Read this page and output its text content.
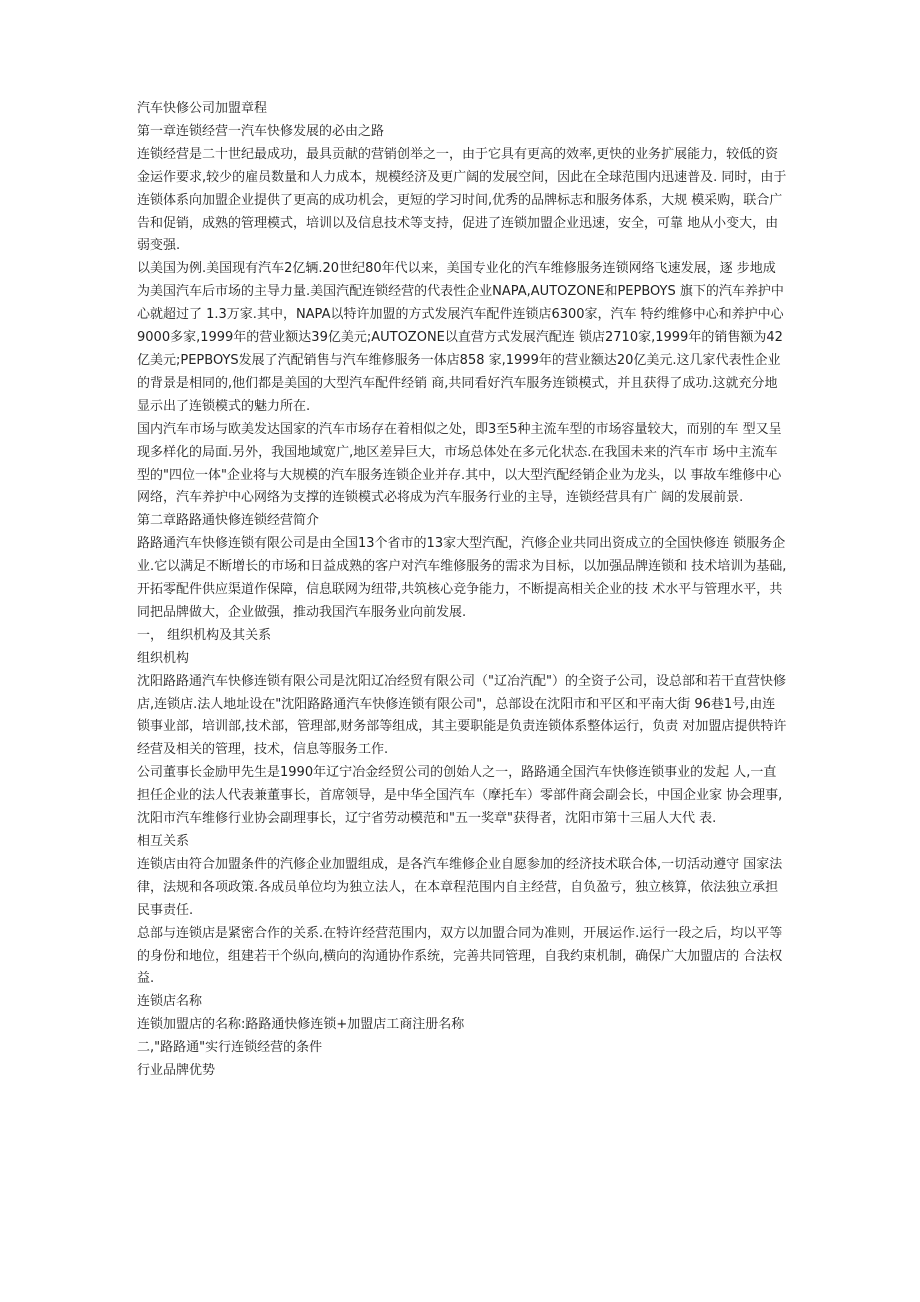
汽车快修公司加盟章程

第一章连锁经营一汽车快修发展的必由之路

连锁经营是二十世纪最成功，最具贡献的营销创举之一，由于它具有更高的效率,更快的业务扩展能力，较低的资金运作要求,较少的雇员数量和人力成本，规模经济及更广阔的发展空间，因此在全球范围内迅速普及. 同时，由于连锁体系向加盟企业提供了更高的成功机会，更短的学习时间,优秀的品牌标志和服务体系，大规 模采购，联合广告和促销，成熟的管理模式，培训以及信息技术等支持，促进了连锁加盟企业迅速，安全，可靠 地从小变大，由弱变强.

以美国为例.美国现有汽车2亿辆.20世纪80年代以来，美国专业化的汽车维修服务连锁网络飞速发展，逐 步地成为美国汽车后市场的主导力量.美国汽配连锁经营的代表性企业NAPA,AUTOZONE和PEPBOYS 旗下的汽车养护中心就超过了 1.3万家.其中，NAPA以特许加盟的方式发展汽车配件连锁店6300家，汽车 特约维修中心和养护中心9000多家,1999年的营业额达39亿美元;AUTOZONE以直营方式发展汽配连 锁店2710家,1999年的销售额为42亿美元;PEPBOYS发展了汽配销售与汽车维修服务一体店858 家,1999年的营业额达20亿美元.这几家代表性企业的背景是相同的,他们都是美国的大型汽车配件经销 商,共同看好汽车服务连锁模式，并且获得了成功.这就充分地显示出了连锁模式的魅力所在.

国内汽车市场与欧美发达国家的汽车市场存在着相似之处，即3至5种主流车型的市场容量较大，而别的车 型又呈现多样化的局面.另外，我国地域宽广,地区差异巨大，市场总体处在多元化状态.在我国未来的汽车市 场中主流车型的"四位一体"企业将与大规模的汽车服务连锁企业并存.其中，以大型汽配经销企业为龙头，以 事故车维修中心网络，汽车养护中心网络为支撑的连锁模式必将成为汽车服务行业的主导，连锁经营具有广 阔的发展前景.

第二章路路通快修连锁经营简介

路路通汽车快修连锁有限公司是由全国13个省市的13家大型汽配，汽修企业共同出资成立的全国快修连 锁服务企业.它以满足不断增长的市场和日益成熟的客户对汽车维修服务的需求为目标，以加强品牌连锁和 技术培训为基础,开拓零配件供应渠道作保障，信息联网为纽带,共筑核心竞争能力，不断提高相关企业的技 术水平与管理水平，共同把品牌做大，企业做强，推动我国汽车服务业向前发展.

一， 组织机构及其关系

组织机构

沈阳路路通汽车快修连锁有限公司是沈阳辽冶经贸有限公司（"辽冶汽配"）的全资子公司，设总部和若干直营快修店,连锁店.法人地址设在"沈阳路路通汽车快修连锁有限公司"，总部设在沈阳市和平区和平南大街 96巷1号,由连锁事业部，培训部,技术部，管理部,财务部等组成，其主要职能是负责连锁体系整体运行，负责 对加盟店提供特许经营及相关的管理，技术，信息等服务工作.

公司董事长金励甲先生是1990年辽宁冶金经贸公司的创始人之一，路路通全国汽车快修连锁事业的发起 人,一直担任企业的法人代表兼董事长，首席领导，是中华全国汽车（摩托车）零部件商会副会长，中国企业家 协会理事,沈阳市汽车维修行业协会副理事长，辽宁省劳动模范和"五一奖章"获得者，沈阳市第十三届人大代 表.

相互关系

连锁店由符合加盟条件的汽修企业加盟组成，是各汽车维修企业自愿参加的经济技术联合体,一切活动遵守 国家法律，法规和各项政策.各成员单位均为独立法人，在本章程范围内自主经营，自负盈亏，独立核算，依法独立承担民事责任.

总部与连锁店是紧密合作的关系.在特许经营范围内，双方以加盟合同为准则，开展运作.运行一段之后，均以平等的身份和地位，组建若干个纵向,横向的沟通协作系统，完善共同管理，自我约束机制，确保广大加盟店的 合法权益.

连锁店名称

连锁加盟店的名称:路路通快修连锁+加盟店工商注册名称

二,"路路通"实行连锁经营的条件

行业品牌优势
